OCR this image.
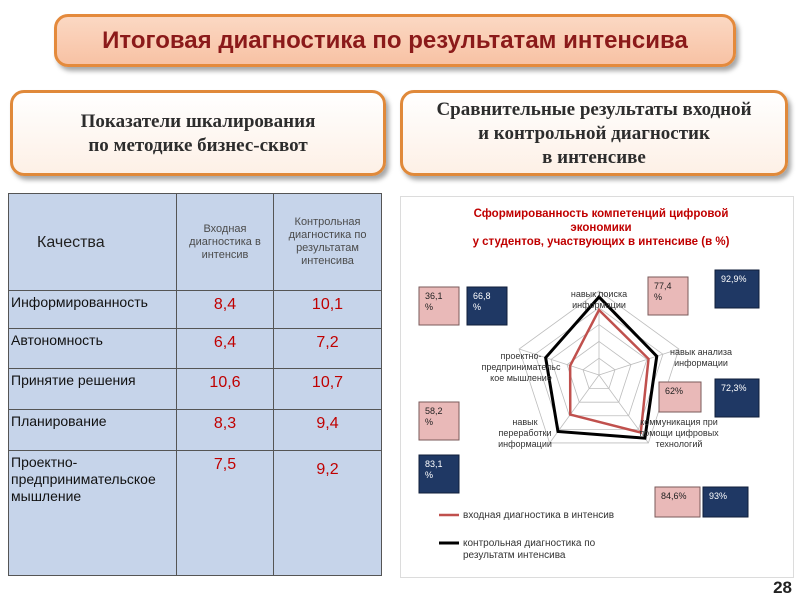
Итоговая диагностика по результатам интенсива
Показатели шкалирования
по методике бизнес-сквот
Сравнительные результаты входной
и контрольной диагностик
в интенсиве
Качества	Входная диагностика в интенсив	Контрольная диагностика по результатам интенсива
Информированность	8,4	10,1
Автономность	6,4	7,2
Принятие решения	10,6	10,7
Планирование	8,3	9,4
Проектно-предпринимательское мышление	7,5	9,2
Сформированность компетенций цифровой экономики у студентов, участвующих в интенсиве (в %)
навык поиска информации
навык анализа информации
коммуникация при помощи цифровых технологий
навык переработки информации
проектно-предпринимательс кое мышление
77,4 %
92,9%
62%	72,3%
84,6% 93%
58,2 %
83,1 %
36,1 %
66,8 %
входная диагностика в интенсив
контрольная диагностика по результатм интенсива
28
